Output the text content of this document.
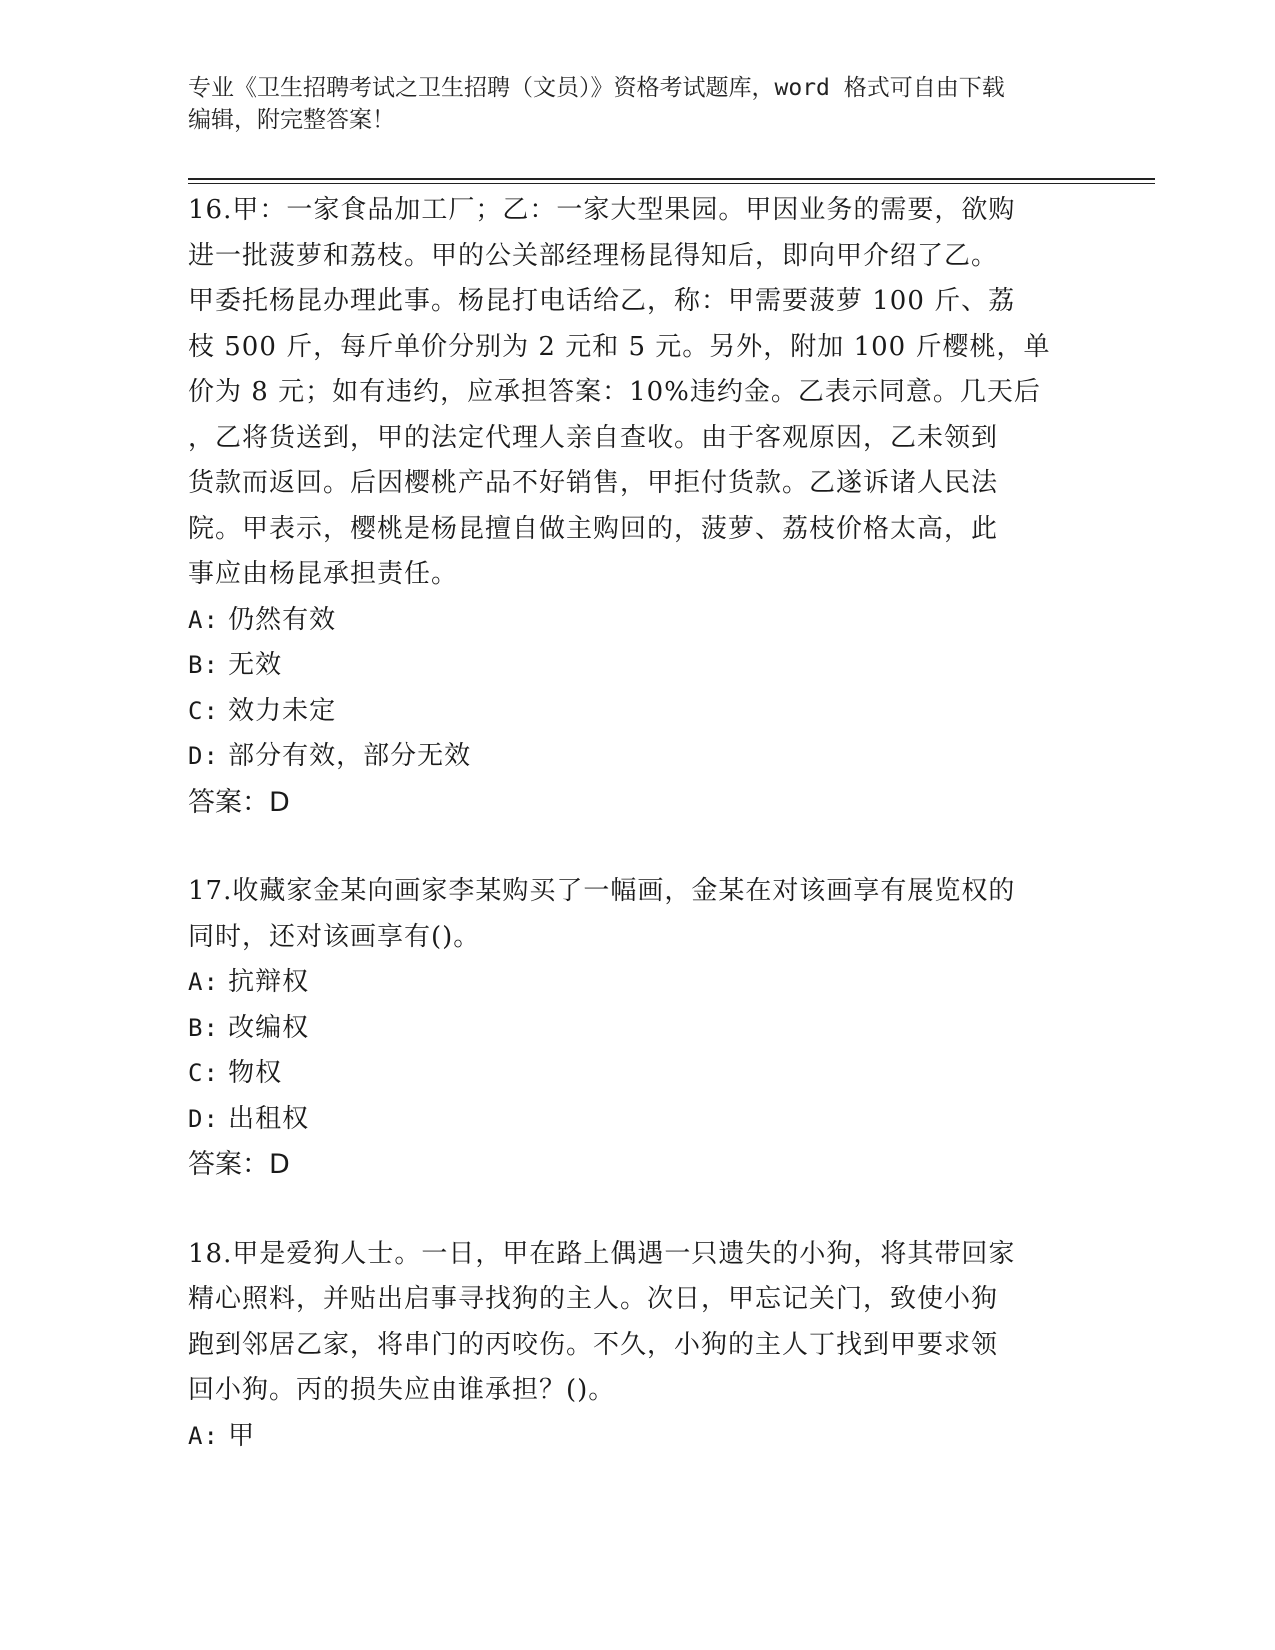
专业《卫生招聘考试之卫生招聘（文员）》资格考试题库，word 格式可自由下载
编辑，附完整答案！
16.甲：一家食品加工厂；乙：一家大型果园。甲因业务的需要，欲购
进一批菠萝和荔枝。甲的公关部经理杨昆得知后，即向甲介绍了乙。
甲委托杨昆办理此事。杨昆打电话给乙，称：甲需要菠萝 100 斤、荔
枝 500 斤，每斤单价分别为 2 元和 5 元。另外，附加 100 斤樱桃，单
价为 8 元；如有违约，应承担答案：10%违约金。乙表示同意。几天后
，乙将货送到，甲的法定代理人亲自查收。由于客观原因，乙未领到
货款而返回。后因樱桃产品不好销售，甲拒付货款。乙遂诉诸人民法
院。甲表示，樱桃是杨昆擅自做主购回的，菠萝、荔枝价格太高，此
事应由杨昆承担责任。
A: 仍然有效
B: 无效
C: 效力未定
D: 部分有效，部分无效
答案：D
17.收藏家金某向画家李某购买了一幅画，金某在对该画享有展览权的
同时，还对该画享有()。
A: 抗辩权
B: 改编权
C: 物权
D: 出租权
答案：D
18.甲是爱狗人士。一日，甲在路上偶遇一只遗失的小狗，将其带回家
精心照料，并贴出启事寻找狗的主人。次日，甲忘记关门，致使小狗
跑到邻居乙家，将串门的丙咬伤。不久，小狗的主人丁找到甲要求领
回小狗。丙的损失应由谁承担？()。
A: 甲
